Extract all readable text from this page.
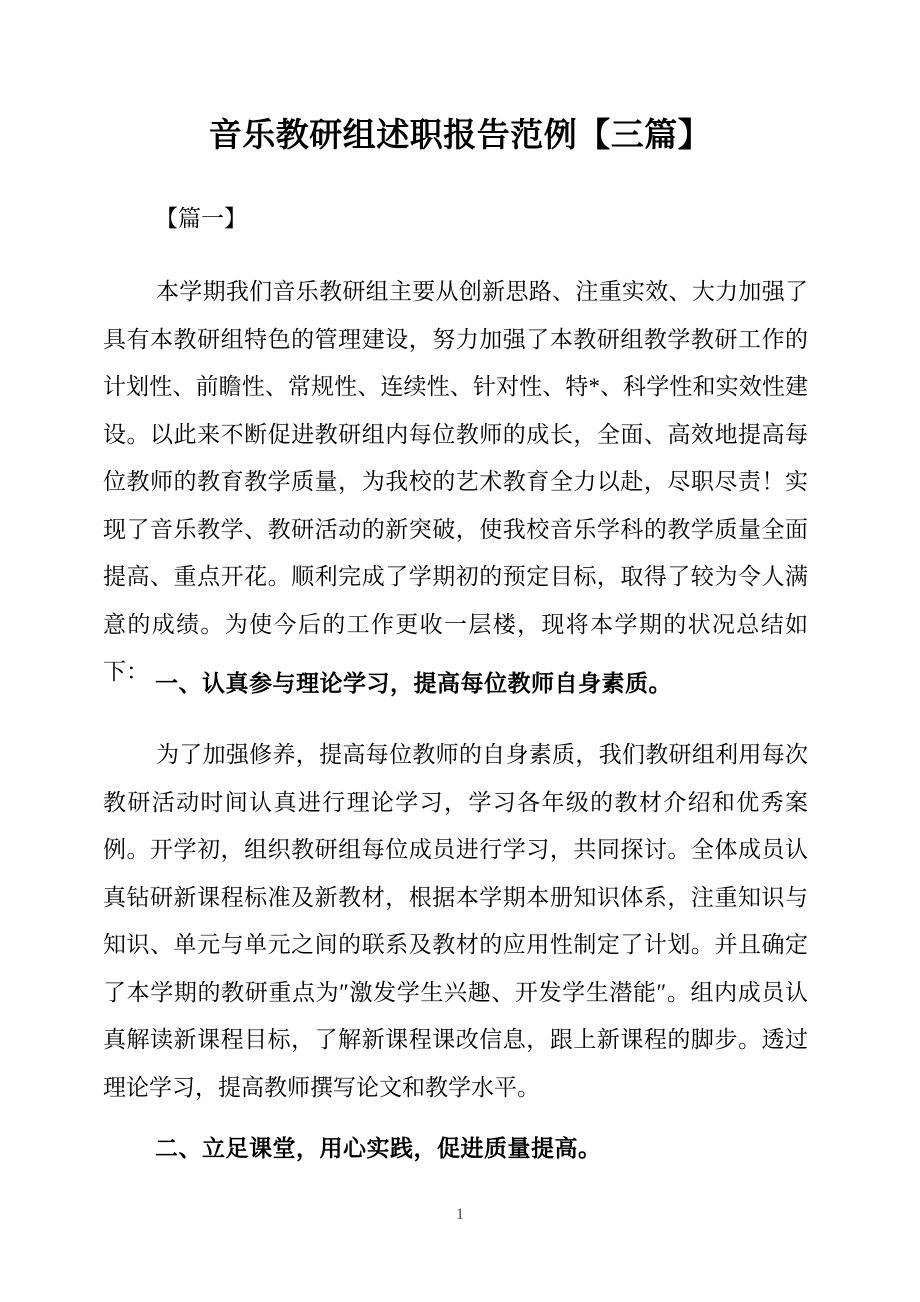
音乐教研组述职报告范例【三篇】
【篇一】

本学期我们音乐教研组主要从创新思路、注重实效、大力加强了具有本教研组特色的管理建设，努力加强了本教研组教学教研工作的计划性、前瞻性、常规性、连续性、针对性、特*、科学性和实效性建设。以此来不断促进教研组内每位教师的成长，全面、高效地提高每位教师的教育教学质量，为我校的艺术教育全力以赴，尽职尽责！实现了音乐教学、教研活动的新突破，使我校音乐学科的教学质量全面提高、重点开花。顺利完成了学期初的预定目标，取得了较为令人满意的成绩。为使今后的工作更收一层楼，现将本学期的状况总结如下： 一、认真参与理论学习，提高每位教师自身素质。

为了加强修养，提高每位教师的自身素质，我们教研组利用每次教研活动时间认真进行理论学习，学习各年级的教材介绍和优秀案例。开学初，组织教研组每位成员进行学习，共同探讨。全体成员认真钻研新课程标准及新教材，根据本学期本册知识体系，注重知识与知识、单元与单元之间的联系及教材的应用性制定了计划。并且确定了本学期的教研重点为″激发学生兴趣、开发学生潜能″。组内成员认真解读新课程目标，了解新课程课改信息，跟上新课程的脚步。透过理论学习，提高教师撰写论文和教学水平。

二、立足课堂，用心实践，促进质量提高。
1
